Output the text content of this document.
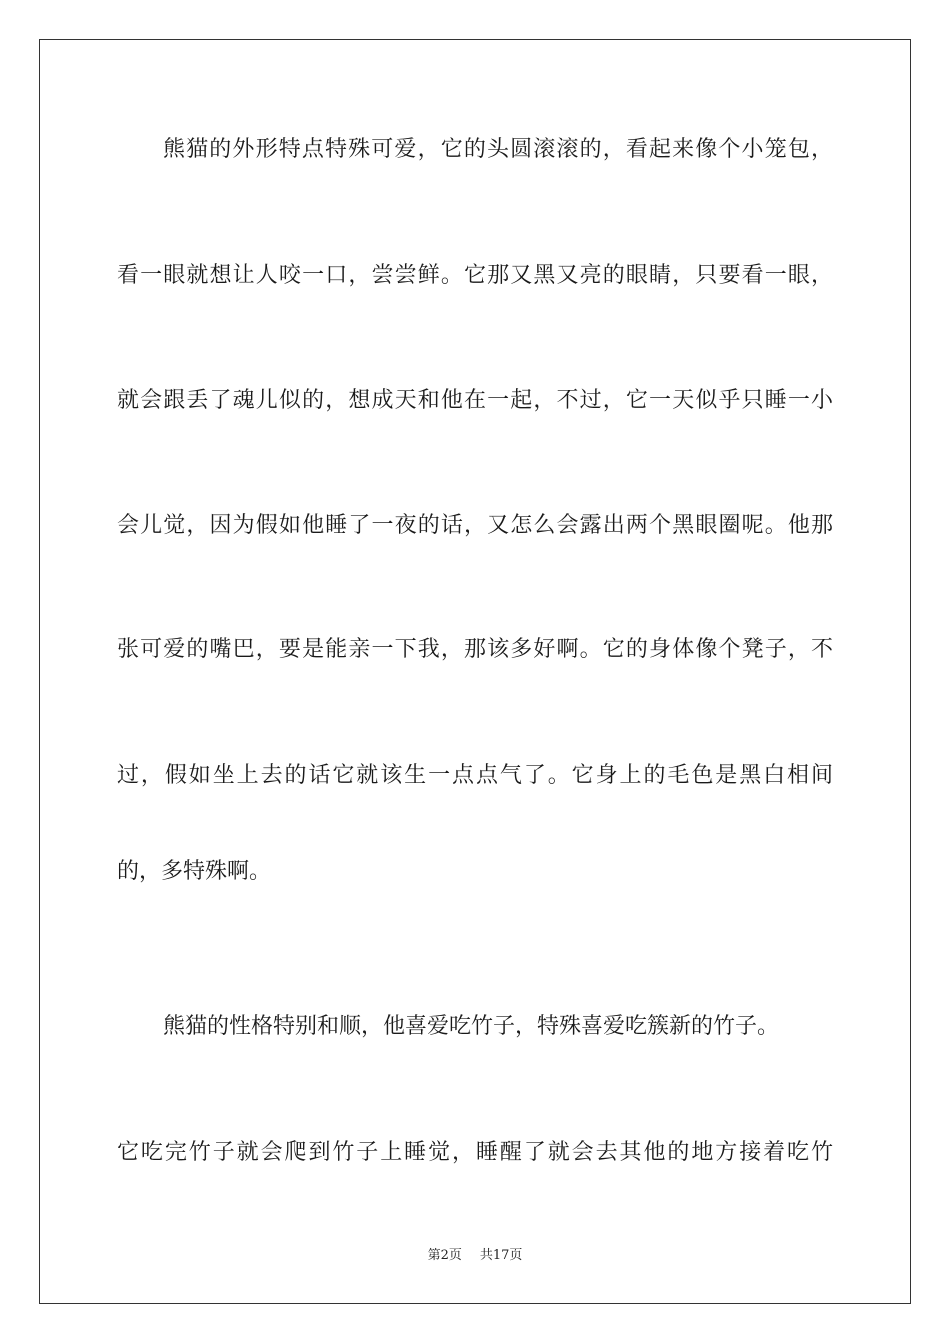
熊猫的外形特点特殊可爱，它的头圆滚滚的，看起来像个小笼包，
看一眼就想让人咬一口，尝尝鲜。它那又黑又亮的眼睛，只要看一眼，
就会跟丢了魂儿似的，想成天和他在一起，不过，它一天似乎只睡一小
会儿觉，因为假如他睡了一夜的话，又怎么会露出两个黑眼圈呢。他那
张可爱的嘴巴，要是能亲一下我，那该多好啊。它的身体像个凳子，不
过，假如坐上去的话它就该生一点点气了。它身上的毛色是黑白相间
的，多特殊啊。
熊猫的性格特别和顺，他喜爱吃竹子，特殊喜爱吃簇新的竹子。
它吃完竹子就会爬到竹子上睡觉，睡醒了就会去其他的地方接着吃竹
第2页 共17页
